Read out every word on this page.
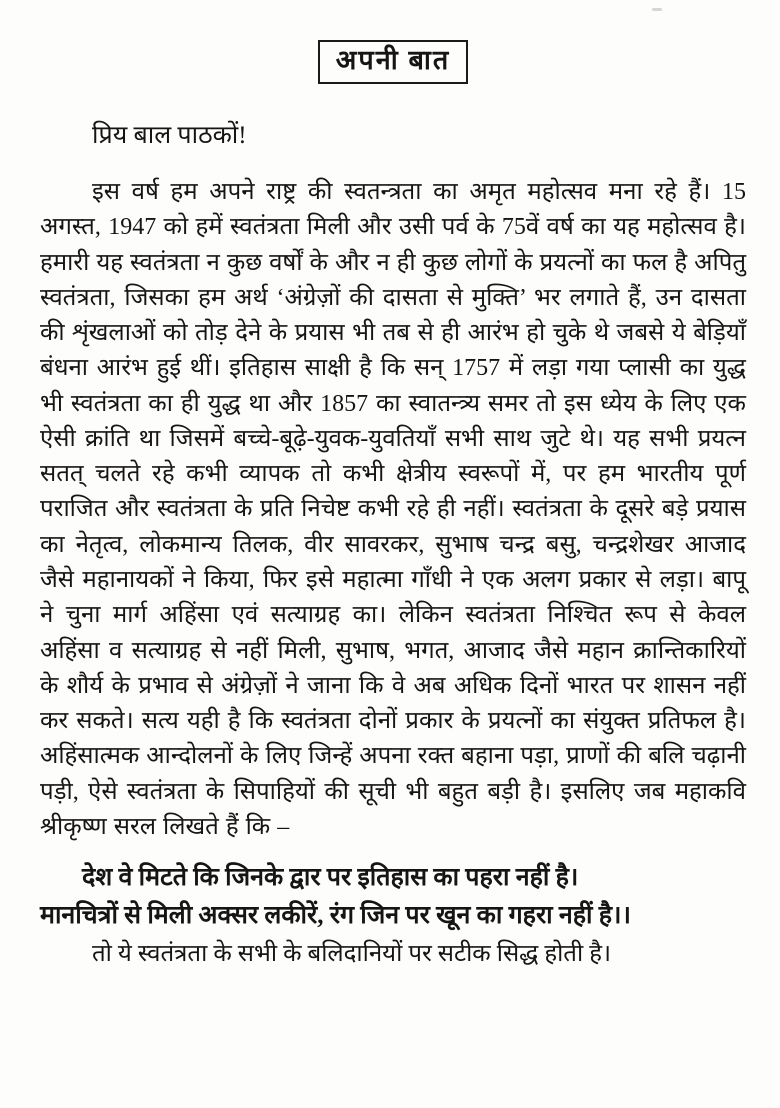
अपनी बात

प्रिय बाल पाठकों!

इस वर्ष हम अपने राष्ट्र की स्वतन्त्रता का अमृत महोत्सव मना रहे हैं। 15 अगस्त, 1947 को हमें स्वतंत्रता मिली और उसी पर्व के 75वें वर्ष का यह महोत्सव है। हमारी यह स्वतंत्रता न कुछ वर्षों के और न ही कुछ लोगों के प्रयत्नों का फल है अपितु स्वतंत्रता, जिसका हम अर्थ ‘अंग्रेज़ों की दासता से मुक्ति’ भर लगाते हैं, उन दासता की शृंखलाओं को तोड़ देने के प्रयास भी तब से ही आरंभ हो चुके थे जबसे ये बेड़ियाँ बंधना आरंभ हुई थीं। इतिहास साक्षी है कि सन् 1757 में लड़ा गया प्लासी का युद्ध भी स्वतंत्रता का ही युद्ध था और 1857 का स्वातन्त्र्य समर तो इस ध्येय के लिए एक ऐसी क्रांति था जिसमें बच्चे-बूढ़े-युवक-युवतियाँ सभी साथ जुटे थे। यह सभी प्रयत्न सतत् चलते रहे कभी व्यापक तो कभी क्षेत्रीय स्वरूपों में, पर हम भारतीय पूर्ण पराजित और स्वतंत्रता के प्रति निचेष्ट कभी रहे ही नहीं। स्वतंत्रता के दूसरे बड़े प्रयास का नेतृत्व, लोकमान्य तिलक, वीर सावरकर, सुभाष चन्द्र बसु, चन्द्रशेखर आजाद जैसे महानायकों ने किया, फिर इसे महात्मा गाँधी ने एक अलग प्रकार से लड़ा। बापू ने चुना मार्ग अहिंसा एवं सत्याग्रह का। लेकिन स्वतंत्रता निश्चित रूप से केवल अहिंसा व सत्याग्रह से नहीं मिली, सुभाष, भगत, आजाद जैसे महान क्रान्तिकारियों के शौर्य के प्रभाव से अंग्रेज़ों ने जाना कि वे अब अधिक दिनों भारत पर शासन नहीं कर सकते। सत्य यही है कि स्वतंत्रता दोनों प्रकार के प्रयत्नों का संयुक्त प्रतिफल है। अहिंसात्मक आन्दोलनों के लिए जिन्हें अपना रक्त बहाना पड़ा, प्राणों की बलि चढ़ानी पड़ी, ऐसे स्वतंत्रता के सिपाहियों की सूची भी बहुत बड़ी है। इसलिए जब महाकवि श्रीकृष्ण सरल लिखते हैं कि –

देश वे मिटते कि जिनके द्वार पर इतिहास का पहरा नहीं है।
मानचित्रों से मिली अक्सर लकीरें, रंग जिन पर खून का गहरा नहीं है।।

तो ये स्वतंत्रता के सभी के बलिदानियों पर सटीक सिद्ध होती है।
